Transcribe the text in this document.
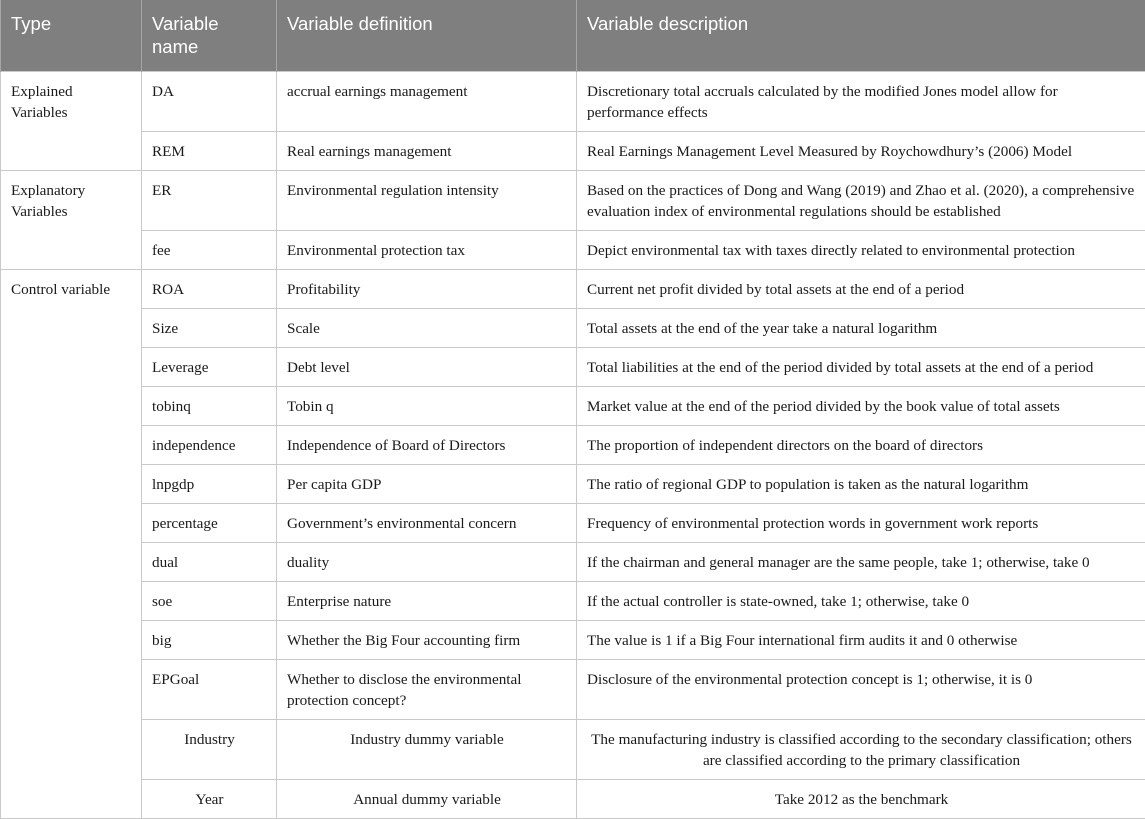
Type	Variable name	Variable definition	Variable description
Explained Variables	DA	accrual earnings management	Discretionary total accruals calculated by the modified Jones model allow for performance effects
	REM	Real earnings management	Real Earnings Management Level Measured by Roychowdhury’s (2006) Model
Explanatory Variables	ER	Environmental regulation intensity	Based on the practices of Dong and Wang (2019) and Zhao et al. (2020), a comprehensive evaluation index of environmental regulations should be established
	fee	Environmental protection tax	Depict environmental tax with taxes directly related to environmental protection
Control variable	ROA	Profitability	Current net profit divided by total assets at the end of a period
	Size	Scale	Total assets at the end of the year take a natural logarithm
	Leverage	Debt level	Total liabilities at the end of the period divided by total assets at the end of a period
	tobinq	Tobin q	Market value at the end of the period divided by the book value of total assets
	independence	Independence of Board of Directors	The proportion of independent directors on the board of directors
	lnpgdp	Per capita GDP	The ratio of regional GDP to population is taken as the natural logarithm
	percentage	Government’s environmental concern	Frequency of environmental protection words in government work reports
	dual	duality	If the chairman and general manager are the same people, take 1; otherwise, take 0
	soe	Enterprise nature	If the actual controller is state-owned, take 1; otherwise, take 0
	big	Whether the Big Four accounting firm	The value is 1 if a Big Four international firm audits it and 0 otherwise
	EPGoal	Whether to disclose the environmental protection concept?	Disclosure of the environmental protection concept is 1; otherwise, it is 0
	Industry	Industry dummy variable	The manufacturing industry is classified according to the secondary classification; others are classified according to the primary classification
	Year	Annual dummy variable	Take 2012 as the benchmark
